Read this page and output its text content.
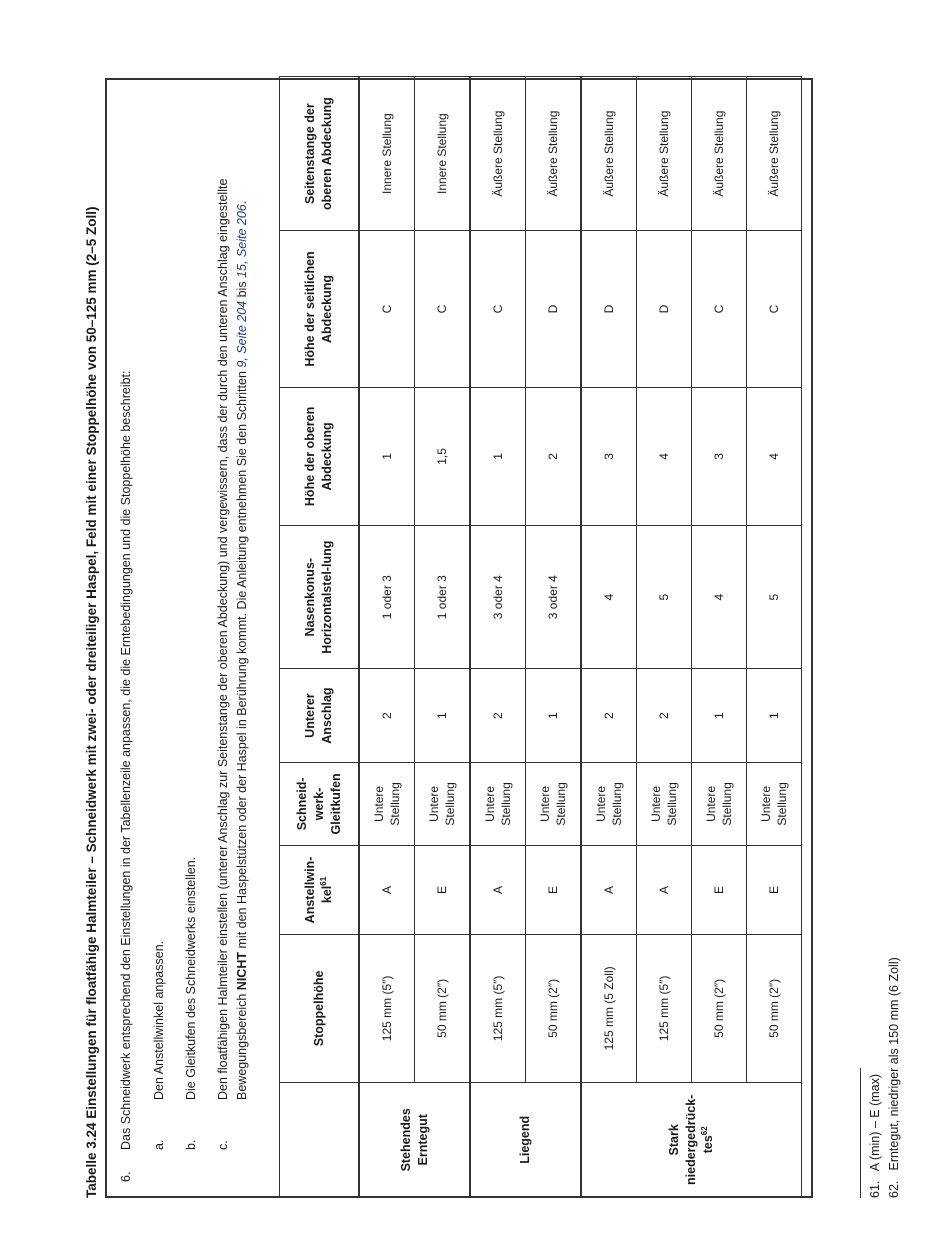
Tabelle 3.24 Einstellungen für floatfähige Halmteiler – Schneidwerk mit zwei- oder dreiteiliger Haspel, Feld mit einer Stoppelhöhe von 50–125 mm (2–5 Zoll) 6.
Das Schneidwerk entsprechend den Einstellungen in der Tabellenzeile anpassen, die die Erntebedingungen und die Stoppelhöhe beschreibt: a.
Den Anstellwinkel anpassen.
b.
Die Gleitkufen des Schneidwerks einstellen.
c.
Den floatfähigen Halmteiler einstellen (unterer Anschlag zur Seitenstange der oberen Abdeckung) und vergewissern, dass der durch den unteren Anschlag eingestellte Bewegungsbereich NICHT mit den Haspelstützen oder der Haspel in Berührung kommt. Die Anleitung entnehmen Sie den Schritten 9, Seite 204 bis 15, Seite 206.
	Stoppelhöhe	Anstellwin-kel$^{61}$	Schneid-werk-Gleitkufen	Unterer Anschlag	Nasenkonus-Horizontalstel-lung	Höhe der oberen Abdeckung	Höhe der seitlichen Abdeckung	Seitenstange der oberen Abdeckung
Stehendes Erntegut	125 mm (5″)	A	Untere Stellung	2	1 oder 3	1	C	Innere Stellung
	50 mm (2″)	E	Untere Stellung	1	1 oder 3	1,5	C	Innere Stellung
Liegend	125 mm (5″)	A	Untere Stellung	2	3 oder 4	1	C	Äußere Stellung
	50 mm (2″)	E	Untere Stellung	1	3 oder 4	2	D	Äußere Stellung
Stark niedergedrück-tes$^{62}$	125 mm (5 Zoll)	A	Untere Stellung	2	4	3	D	Äußere Stellung
	125 mm (5″)	A	Untere Stellung	2	5	4	D	Äußere Stellung
	50 mm (2″)	E	Untere Stellung	1	4	3	C	Äußere Stellung
	50 mm (2″)	E	Untere Stellung	1	5	4	C	Äußere Stellung
61. A (min) – E (max)
62. Erntegut, niedriger als 150 mm (6 Zoll)
